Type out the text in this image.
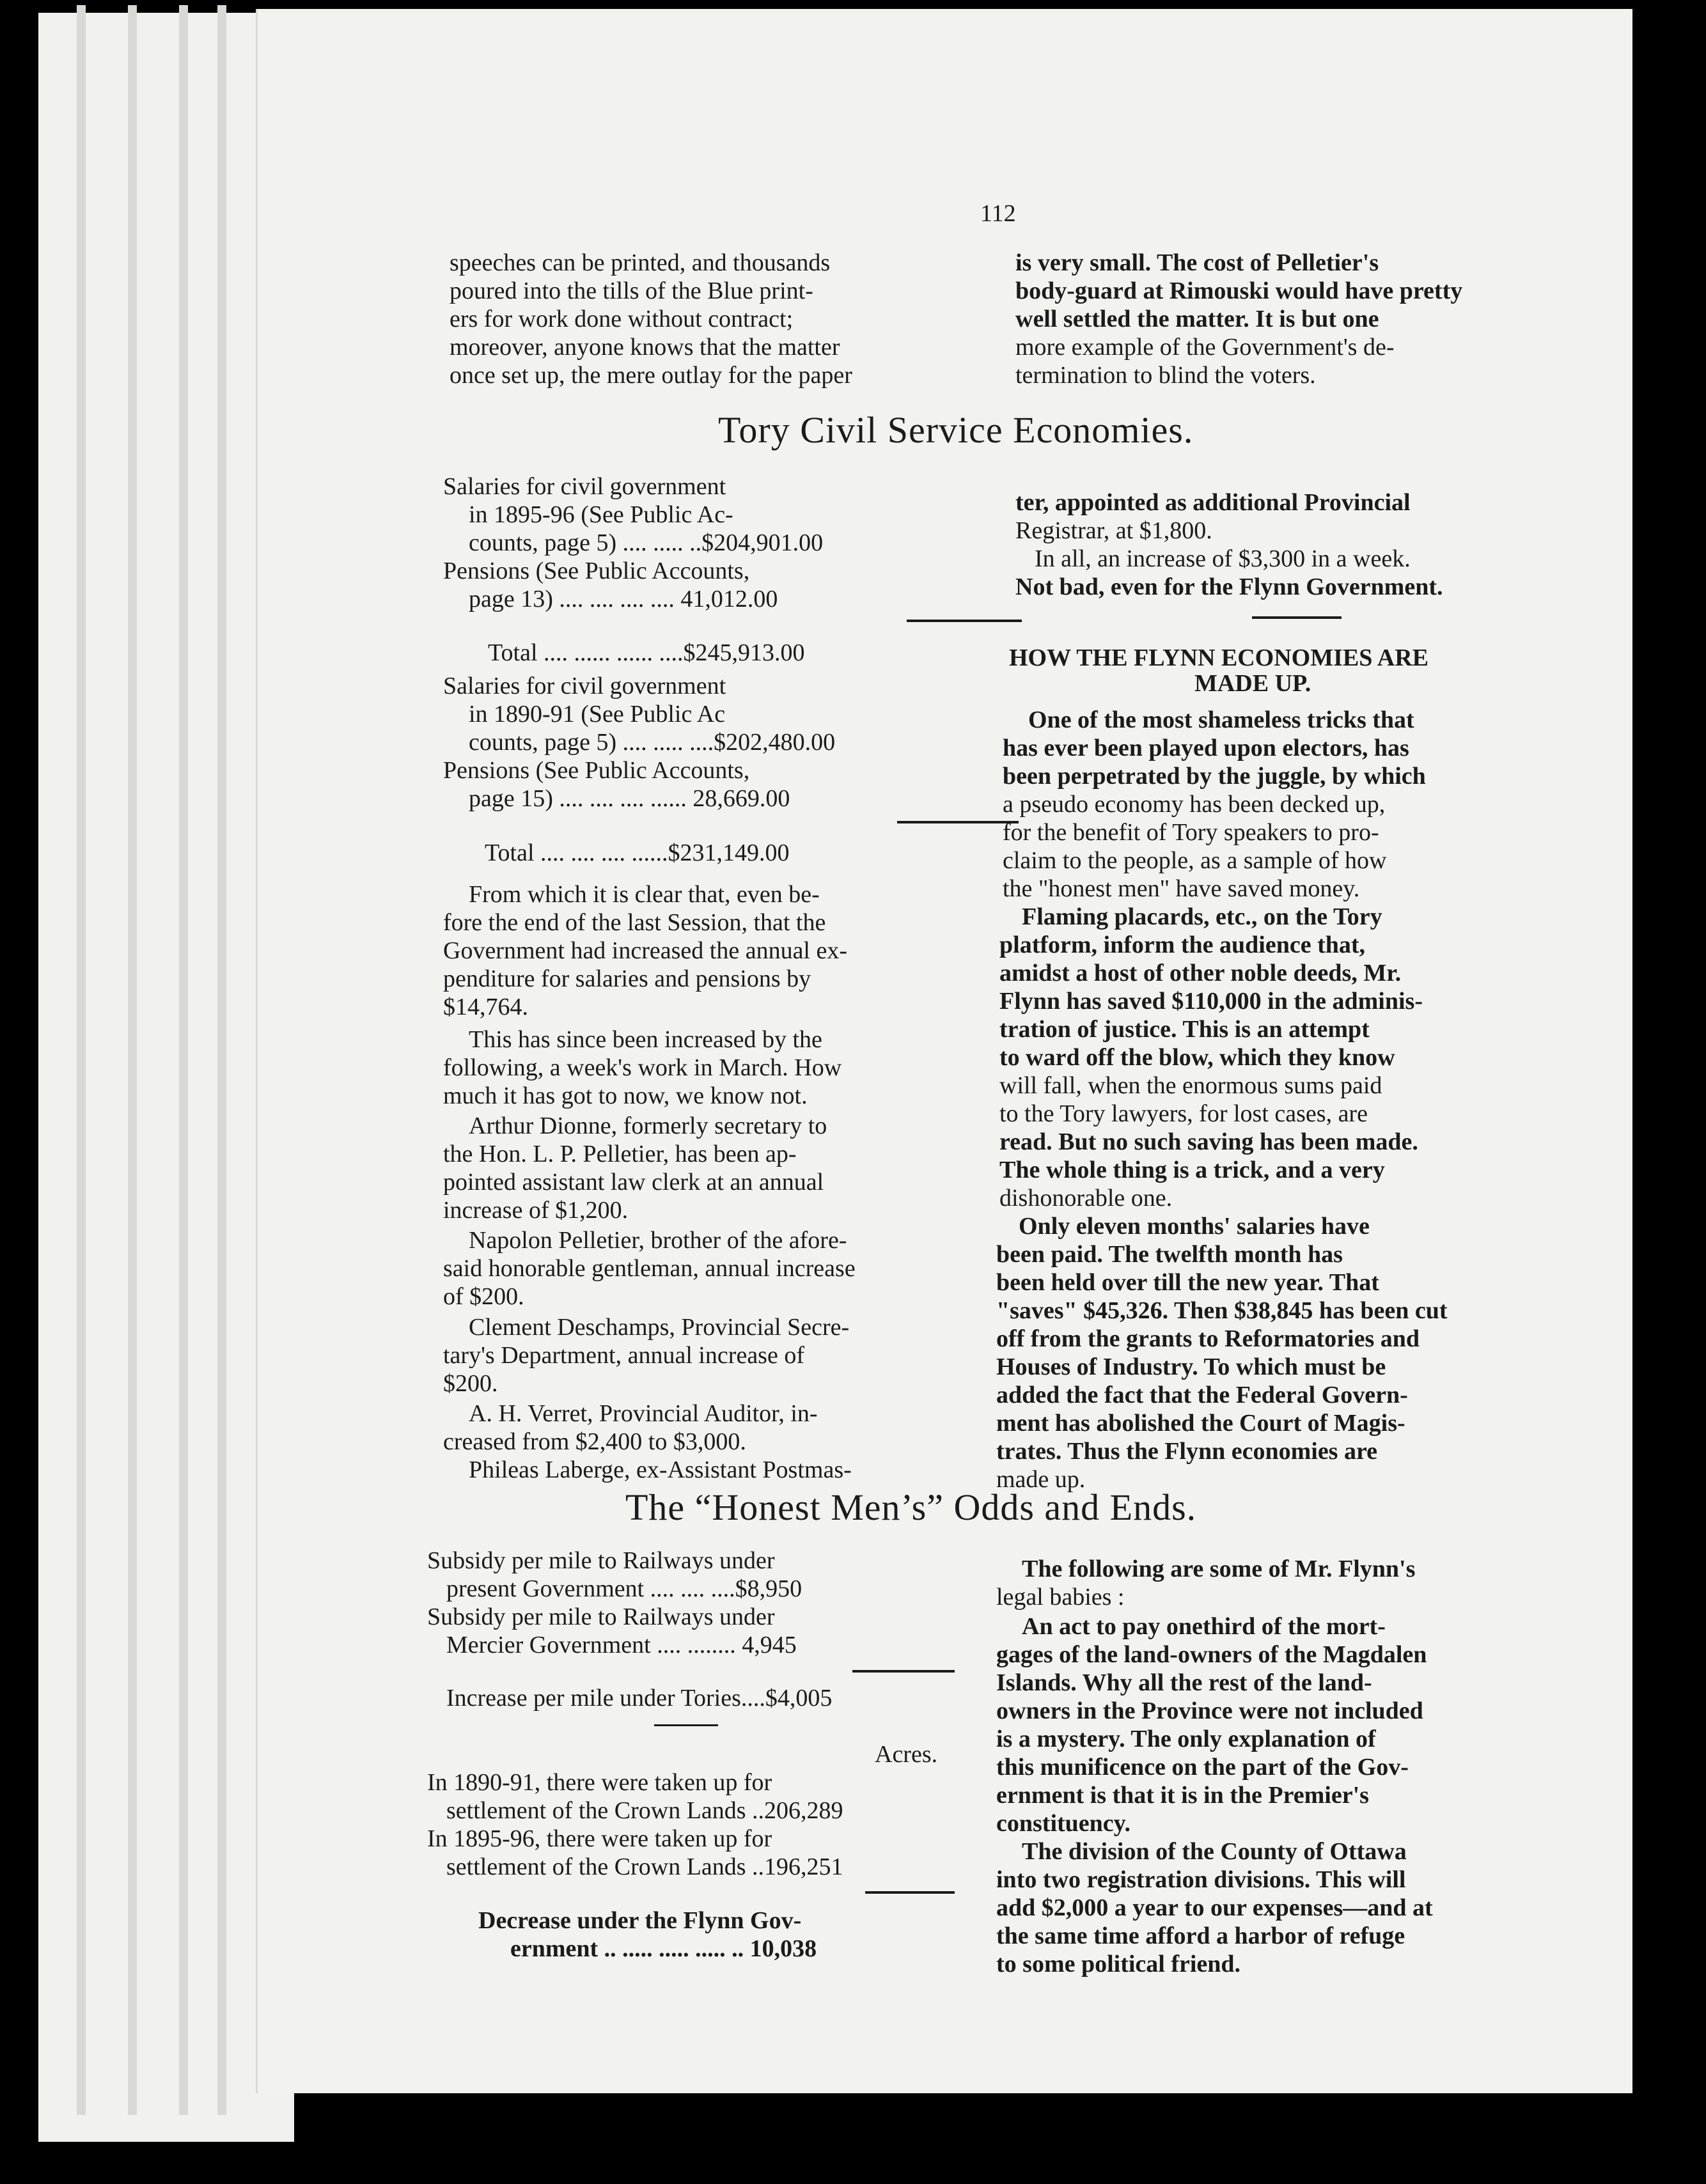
112
speeches can be printed, and thousands
poured into the tills of the Blue print-
ers for work done without contract;
moreover, anyone knows that the matter
once set up, the mere outlay for the paper
is very small. The cost of Pelletier's
body-guard at Rimouski would have pretty
well settled the matter. It is but one
more example of the Government's de-
termination to blind the voters.
Tory Civil Service Economies.
Salaries for civil government
in 1895-96 (See Public Ac-
counts, page 5) .... ..... ..$204,901.00
Pensions (See Public Accounts,
page 13) .... .... .... .... 41,012.00
Total .... ...... ...... ....$245,913.00
Salaries for civil government
in 1890-91 (See Public Ac
counts, page 5) .... ..... ....$202,480.00
Pensions (See Public Accounts,
page 15) .... .... .... ...... 28,669.00
Total .... .... .... ......$231,149.00
From which it is clear that, even be-
fore the end of the last Session, that the
Government had increased the annual ex-
penditure for salaries and pensions by
$14,764.
This has since been increased by the
following, a week's work in March. How
much it has got to now, we know not.
Arthur Dionne, formerly secretary to
the Hon. L. P. Pelletier, has been ap-
pointed assistant law clerk at an annual
increase of $1,200.
Napolon Pelletier, brother of the afore-
said honorable gentleman, annual increase
of $200.
Clement Deschamps, Provincial Secre-
tary's Department, annual increase of
$200.
A. H. Verret, Provincial Auditor, in-
creased from $2,400 to $3,000.
Phileas Laberge, ex-Assistant Postmas-
ter, appointed as additional Provincial
Registrar, at $1,800.
In all, an increase of $3,300 in a week.
Not bad, even for the Flynn Government.
HOW THE FLYNN ECONOMIES ARE
MADE UP.
One of the most shameless tricks that
has ever been played upon electors, has
been perpetrated by the juggle, by which
a pseudo economy has been decked up,
for the benefit of Tory speakers to pro-
claim to the people, as a sample of how
the "honest men" have saved money.
Flaming placards, etc., on the Tory
platform, inform the audience that,
amidst a host of other noble deeds, Mr.
Flynn has saved $110,000 in the adminis-
tration of justice. This is an attempt
to ward off the blow, which they know
will fall, when the enormous sums paid
to the Tory lawyers, for lost cases, are
read. But no such saving has been made.
The whole thing is a trick, and a very
dishonorable one.
Only eleven months' salaries have
been paid. The twelfth month has
been held over till the new year. That
"saves" $45,326. Then $38,845 has been cut
off from the grants to Reformatories and
Houses of Industry. To which must be
added the fact that the Federal Govern-
ment has abolished the Court of Magis-
trates. Thus the Flynn economies are
made up.
The “Honest Men’s” Odds and Ends.
Subsidy per mile to Railways under
present Government .... .... ....$8,950
Subsidy per mile to Railways under
Mercier Government .... ........ 4,945
Increase per mile under Tories....$4,005
Acres.
In 1890-91, there were taken up for
settlement of the Crown Lands ..206,289
In 1895-96, there were taken up for
settlement of the Crown Lands ..196,251
Decrease under the Flynn Gov-
ernment .. ..... ..... ..... .. 10,038
The following are some of Mr. Flynn's
legal babies :
An act to pay onethird of the mort-
gages of the land-owners of the Magdalen
Islands. Why all the rest of the land-
owners in the Province were not included
is a mystery. The only explanation of
this munificence on the part of the Gov-
ernment is that it is in the Premier's
constituency.
The division of the County of Ottawa
into two registration divisions. This will
add $2,000 a year to our expenses—and at
the same time afford a harbor of refuge
to some political friend.
